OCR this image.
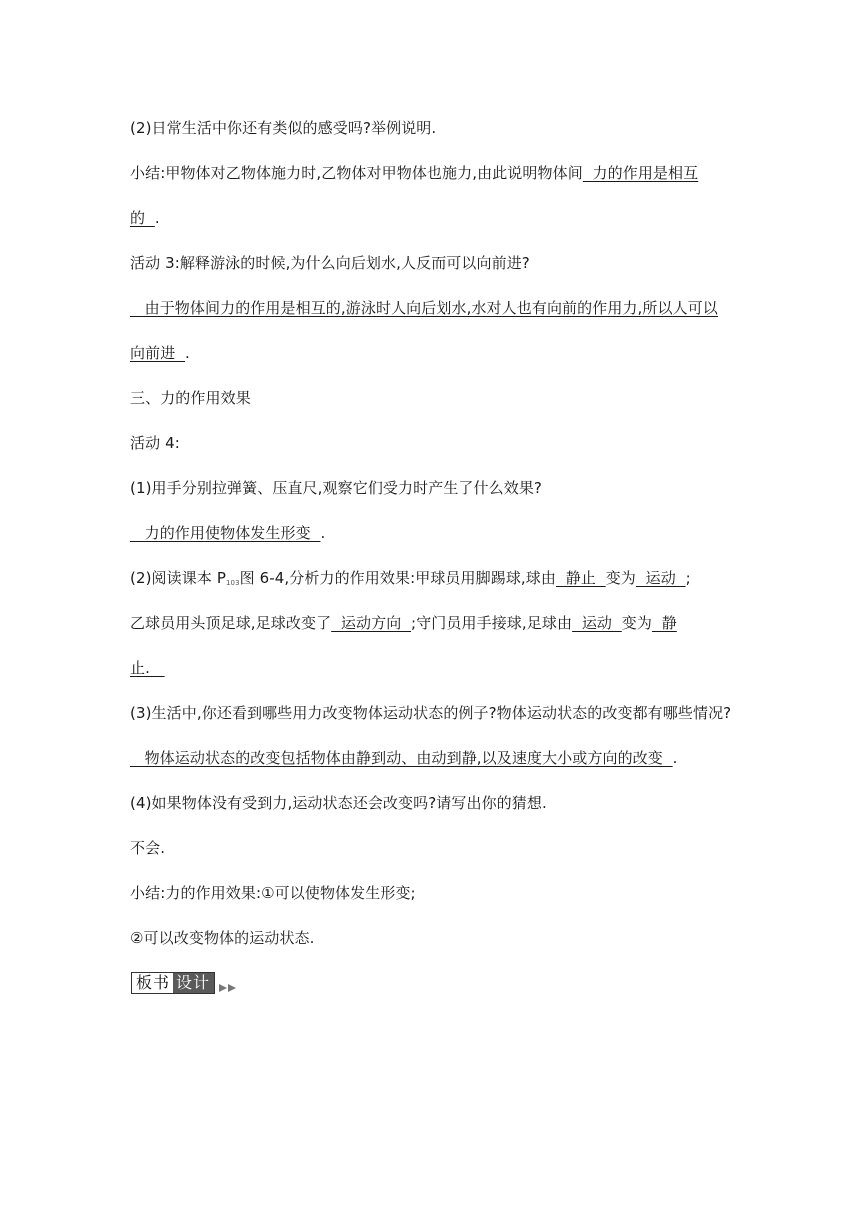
(2)日常生活中你还有类似的感受吗?举例说明.
小结:甲物体对乙物体施力时,乙物体对甲物体也施力,由此说明物体间  力的作用是相互
的  .
活动 3:解释游泳的时候,为什么向后划水,人反而可以向前进?
由于物体间力的作用是相互的,游泳时人向后划水,水对人也有向前的作用力,所以人可以
向前进  .
三、力的作用效果
活动 4:
(1)用手分别拉弹簧、压直尺,观察它们受力时产生了什么效果?
力的作用使物体发生形变  .
(2)阅读课本 $P_{103}$图 6-4,分析力的作用效果:甲球员用脚踢球,球由  静止  变为  运动  ;
乙球员用头顶足球,足球改变了  运动方向  ;守门员用手接球,足球由  运动  变为  静
止.
(3)生活中,你还看到哪些用力改变物体运动状态的例子?物体运动状态的改变都有哪些情况?
物体运动状态的改变包括物体由静到动、由动到静,以及速度大小或方向的改变  .
(4)如果物体没有受到力,运动状态还会改变吗?请写出你的猜想.
不会.
小结:力的作用效果:①可以使物体发生形变;
②可以改变物体的运动状态.
板书 设计
